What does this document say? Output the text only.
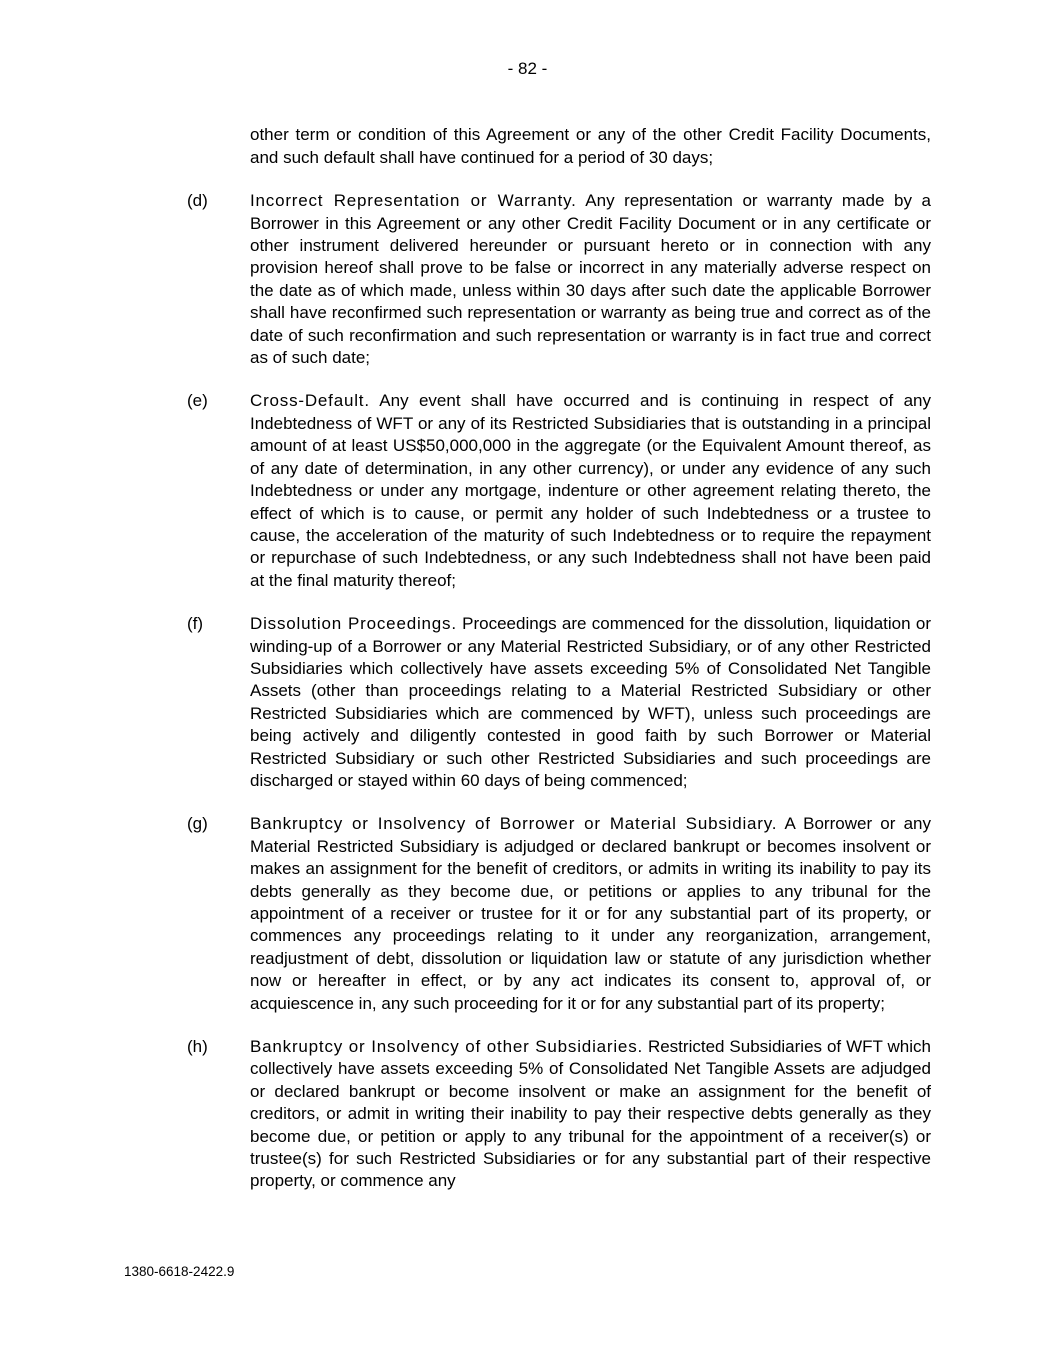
- 82 -

other term or condition of this Agreement or any of the other Credit Facility Documents, and such default shall have continued for a period of 30 days;

(d)	Incorrect Representation or Warranty. Any representation or warranty made by a Borrower in this Agreement or any other Credit Facility Document or in any certificate or other instrument delivered hereunder or pursuant hereto or in connection with any provision hereof shall prove to be false or incorrect in any materially adverse respect on the date as of which made, unless within 30 days after such date the applicable Borrower shall have reconfirmed such representation or warranty as being true and correct as of the date of such reconfirmation and such representation or warranty is in fact true and correct as of such date;

(e)	Cross-Default. Any event shall have occurred and is continuing in respect of any Indebtedness of WFT or any of its Restricted Subsidiaries that is outstanding in a principal amount of at least US$50,000,000 in the aggregate (or the Equivalent Amount thereof, as of any date of determination, in any other currency), or under any evidence of any such Indebtedness or under any mortgage, indenture or other agreement relating thereto, the effect of which is to cause, or permit any holder of such Indebtedness or a trustee to cause, the acceleration of the maturity of such Indebtedness or to require the repayment or repurchase of such Indebtedness, or any such Indebtedness shall not have been paid at the final maturity thereof;

(f)	Dissolution Proceedings. Proceedings are commenced for the dissolution, liquidation or winding-up of a Borrower or any Material Restricted Subsidiary, or of any other Restricted Subsidiaries which collectively have assets exceeding 5% of Consolidated Net Tangible Assets (other than proceedings relating to a Material Restricted Subsidiary or other Restricted Subsidiaries which are commenced by WFT), unless such proceedings are being actively and diligently contested in good faith by such Borrower or Material Restricted Subsidiary or such other Restricted Subsidiaries and such proceedings are discharged or stayed within 60 days of being commenced;

(g)	Bankruptcy or Insolvency of Borrower or Material Subsidiary. A Borrower or any Material Restricted Subsidiary is adjudged or declared bankrupt or becomes insolvent or makes an assignment for the benefit of creditors, or admits in writing its inability to pay its debts generally as they become due, or petitions or applies to any tribunal for the appointment of a receiver or trustee for it or for any substantial part of its property, or commences any proceedings relating to it under any reorganization, arrangement, readjustment of debt, dissolution or liquidation law or statute of any jurisdiction whether now or hereafter in effect, or by any act indicates its consent to, approval of, or acquiescence in, any such proceeding for it or for any substantial part of its property;

(h)	Bankruptcy or Insolvency of other Subsidiaries. Restricted Subsidiaries of WFT which collectively have assets exceeding 5% of Consolidated Net Tangible Assets are adjudged or declared bankrupt or become insolvent or make an assignment for the benefit of creditors, or admit in writing their inability to pay their respective debts generally as they become due, or petition or apply to any tribunal for the appointment of a receiver(s) or trustee(s) for such Restricted Subsidiaries or for any substantial part of their respective property, or commence any

1380-6618-2422.9
